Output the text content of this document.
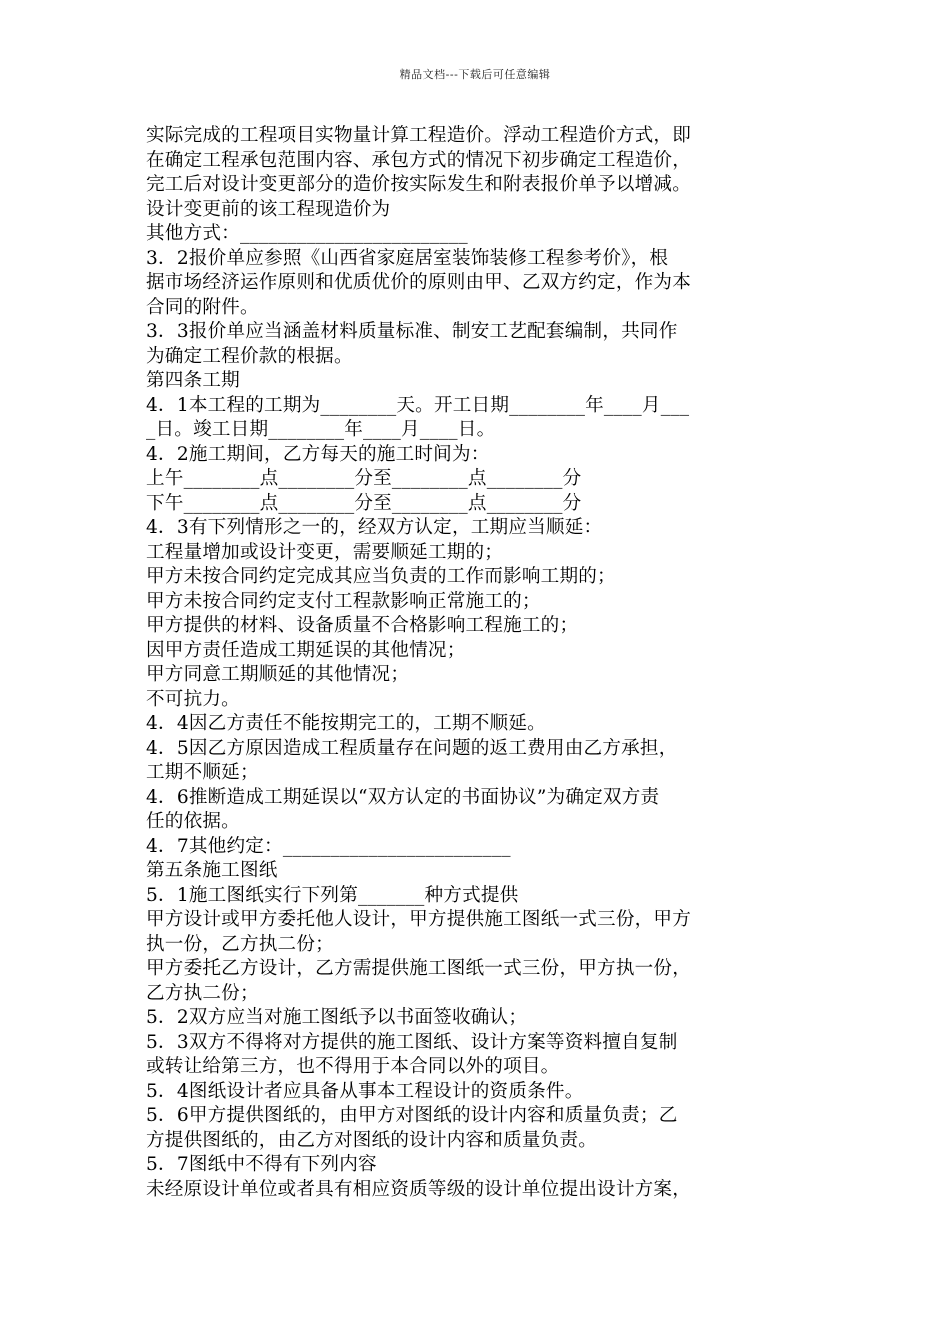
精品文档---下载后可任意编辑
实际完成的工程项目实物量计算工程造价。浮动工程造价方式，即
在确定工程承包范围内容、承包方式的情况下初步确定工程造价，
完工后对设计变更部分的造价按实际发生和附表报价单予以增减。
设计变更前的该工程现造价为
其他方式：________________________
3．2报价单应参照《山西省家庭居室装饰装修工程参考价》，根
据市场经济运作原则和优质优价的原则由甲、乙双方约定，作为本
合同的附件。
3．3报价单应当涵盖材料质量标准、制安工艺配套编制，共同作
为确定工程价款的根据。
第四条工期
4．1本工程的工期为________天。开工日期________年____月___
_日。竣工日期________年____月____日。
4．2施工期间，乙方每天的施工时间为：
上午________点________分至________点________分
下午________点________分至________点________分
4．3有下列情形之一的，经双方认定，工期应当顺延：
工程量增加或设计变更，需要顺延工期的；
甲方未按合同约定完成其应当负责的工作而影响工期的；
甲方未按合同约定支付工程款影响正常施工的；
甲方提供的材料、设备质量不合格影响工程施工的；
因甲方责任造成工期延误的其他情况；
甲方同意工期顺延的其他情况；
不可抗力。
4．4因乙方责任不能按期完工的，工期不顺延。
4．5因乙方原因造成工程质量存在问题的返工费用由乙方承担，
工期不顺延；
4．6推断造成工期延误以“双方认定的书面协议”为确定双方责
任的依据。
4．7其他约定：________________________
第五条施工图纸
5．1施工图纸实行下列第_______种方式提供
甲方设计或甲方委托他人设计，甲方提供施工图纸一式三份，甲方
执一份，乙方执二份；
甲方委托乙方设计，乙方需提供施工图纸一式三份，甲方执一份，
乙方执二份；
5．2双方应当对施工图纸予以书面签收确认；
5．3双方不得将对方提供的施工图纸、设计方案等资料擅自复制
或转让给第三方，也不得用于本合同以外的项目。
5．4图纸设计者应具备从事本工程设计的资质条件。
5．6甲方提供图纸的，由甲方对图纸的设计内容和质量负责；乙
方提供图纸的，由乙方对图纸的设计内容和质量负责。
5．7图纸中不得有下列内容
未经原设计单位或者具有相应资质等级的设计单位提出设计方案，
